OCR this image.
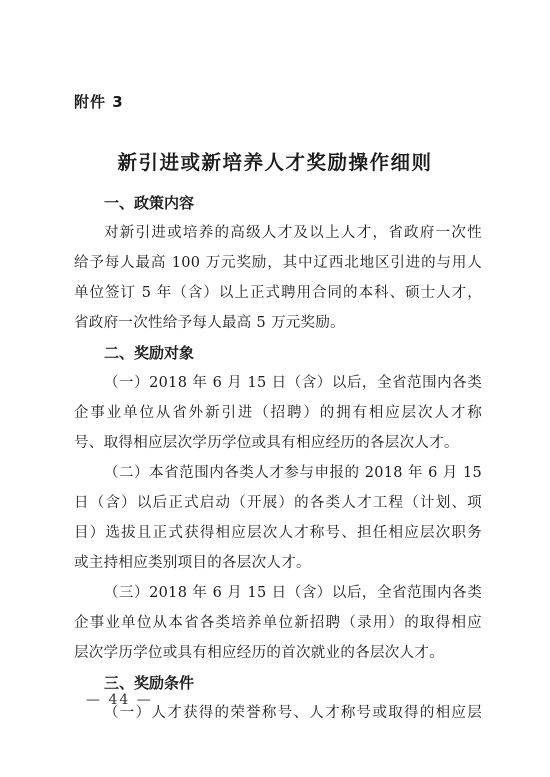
附件 3
新引进或新培养人才奖励操作细则
一、政策内容
对新引进或培养的高级人才及以上人才，省政府一次性
给予每人最高 100 万元奖励，其中辽西北地区引进的与用人
单位签订 5 年（含）以上正式聘用合同的本科、硕士人才，
省政府一次性给予每人最高 5 万元奖励。
二、奖励对象
（一）2018 年 6 月 15 日（含）以后，全省范围内各类
企事业单位从省外新引进（招聘）的拥有相应层次人才称
号、取得相应层次学历学位或具有相应经历的各层次人才。
（二）本省范围内各类人才参与申报的 2018 年 6 月 15
日（含）以后正式启动（开展）的各类人才工程（计划、项
目）选拔且正式获得相应层次人才称号、担任相应层次职务
或主持相应类别项目的各层次人才。
（三）2018 年 6 月 15 日（含）以后，全省范围内各类
企事业单位从本省各类培养单位新招聘（录用）的取得相应
层次学历学位或具有相应经历的首次就业的各层次人才。
三、奖励条件
（一）人才获得的荣誉称号、人才称号或取得的相应层
— 44 —
